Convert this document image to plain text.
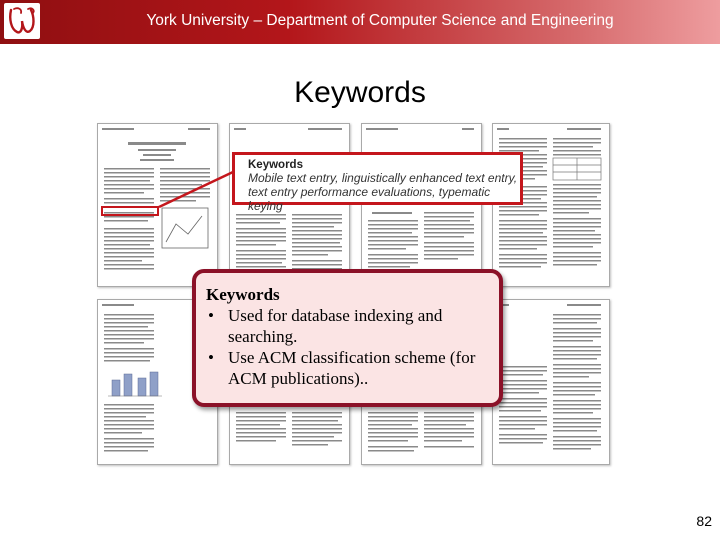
York University – Department of Computer Science and Engineering
Keywords
Keywords
Mobile text entry, linguistically enhanced text entry, text entry performance evaluations, typematic keying
Keywords
• Used for database indexing and searching.
• Use ACM classification scheme (for ACM publications)..
82
